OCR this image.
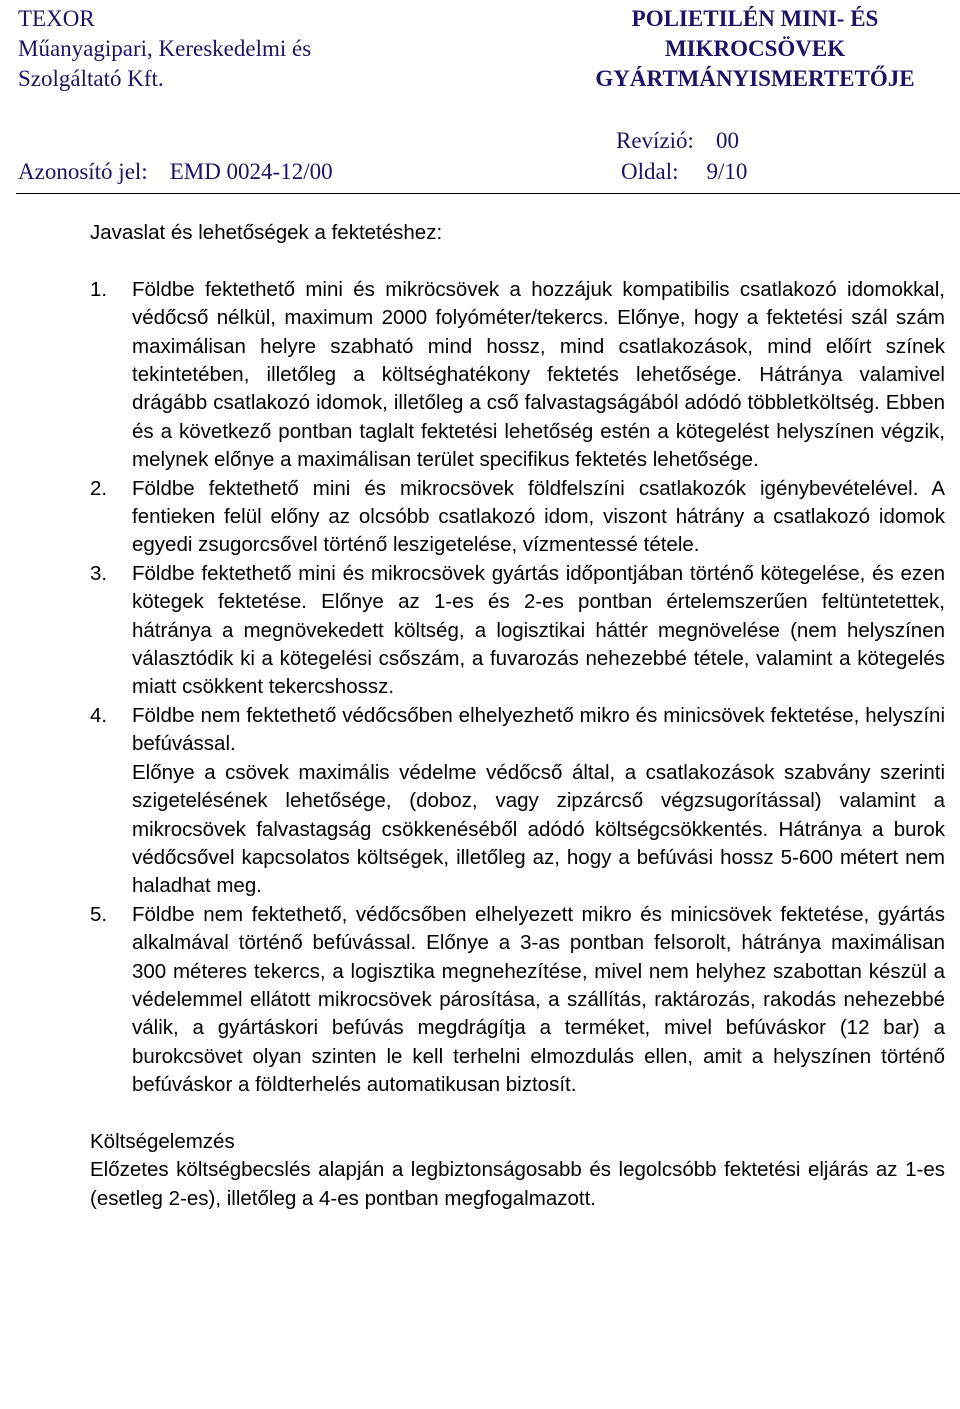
TEXOR
Műanyagipari, Kereskedelmi és
Szolgáltató Kft.
POLIETILÉN MINI- ÉS
MIKROCSÖVEK
GYÁRTMÁNYISMERTETŐJE
Revízió: 00
Azonosító jel: EMD 0024-12/00	Oldal: 9/10

Javaslat és lehetőségek a fektetéshez:

1. Földbe fektethető mini és mikröcsövek a hozzájuk kompatibilis csatlakozó idomokkal, védőcső nélkül, maximum 2000 folyóméter/tekercs. Előnye, hogy a fektetési szál szám maximálisan helyre szabható mind hossz, mind csatlakozások, mind előírt színek tekintetében, illetőleg a költséghatékony fektetés lehetősége. Hátránya valamivel drágább csatlakozó idomok, illetőleg a cső falvastagságából adódó többletköltség. Ebben és a következő pontban taglalt fektetési lehetőség estén a kötegelést helyszínen végzik, melynek előnye a maximálisan terület specifikus fektetés lehetősége.
2. Földbe fektethető mini és mikrocsövek földfelszíni csatlakozók igénybevételével. A fentieken felül előny az olcsóbb csatlakozó idom, viszont hátrány a csatlakozó idomok egyedi zsugorcsővel történő leszigetelése, vízmentessé tétele.
3. Földbe fektethető mini és mikrocsövek gyártás időpontjában történő kötegelése, és ezen kötegek fektetése. Előnye az 1-es és 2-es pontban értelemszerűen feltüntetettek, hátránya a megnövekedett költség, a logisztikai háttér megnövelése (nem helyszínen választódik ki a kötegelési csőszám, a fuvarozás nehezebbé tétele, valamint a kötegelés miatt csökkent tekercshossz.
4. Földbe nem fektethető védőcsőben elhelyezhető mikro és minicsövek fektetése, helyszíni befúvással.
Előnye a csövek maximális védelme védőcső által, a csatlakozások szabvány szerinti szigetelésének lehetősége, (doboz, vagy zipzárcső végzsugorítással) valamint a mikrocsövek falvastagság csökkenéséből adódó költségcsökkentés. Hátránya a burok védőcsővel kapcsolatos költségek, illetőleg az, hogy a befúvási hossz 5-600 métert nem haladhat meg.
5. Földbe nem fektethető, védőcsőben elhelyezett mikro és minicsövek fektetése, gyártás alkalmával történő befúvással. Előnye a 3-as pontban felsorolt, hátránya maximálisan 300 méteres tekercs, a logisztika megnehezítése, mivel nem helyhez szabottan készül a védelemmel ellátott mikrocsövek párosítása, a szállítás, raktározás, rakodás nehezebbé válik, a gyártáskori befúvás megdrágítja a terméket, mivel befúváskor (12 bar) a burokcsövet olyan szinten le kell terhelni elmozdulás ellen, amit a helyszínen történő befúváskor a földterhelés automatikusan biztosít.

Költségelemzés

Előzetes költségbecslés alapján a legbiztonságosabb és legolcsóbb fektetési eljárás az 1-es (esetleg 2-es), illetőleg a 4-es pontban megfogalmazott.
